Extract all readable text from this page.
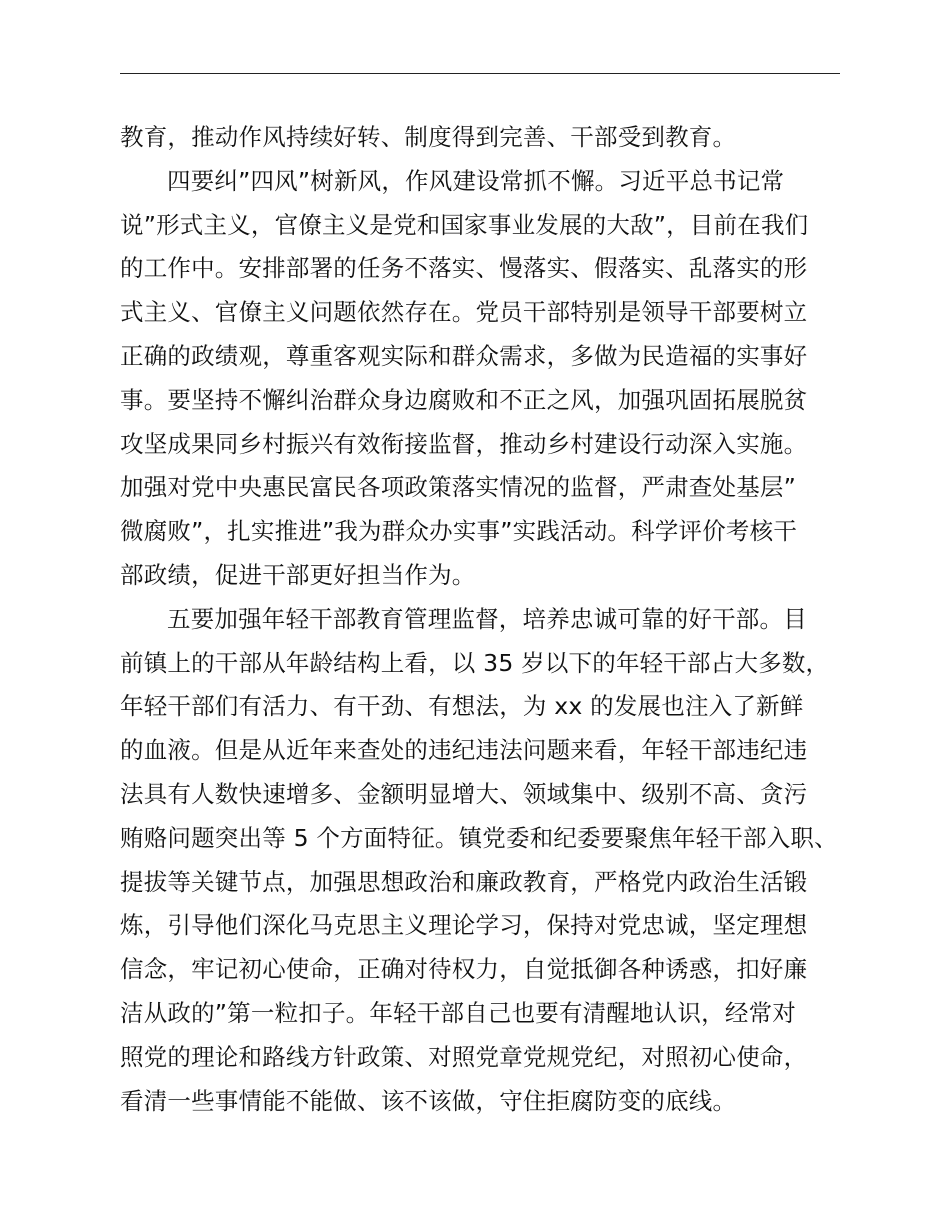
教育，推动作风持续好转、制度得到完善、干部受到教育。
四要纠”四风”树新风，作风建设常抓不懈。习近平总书记常
说”形式主义，官僚主义是党和国家事业发展的大敌”，目前在我们
的工作中。安排部署的任务不落实、慢落实、假落实、乱落实的形
式主义、官僚主义问题依然存在。党员干部特别是领导干部要树立
正确的政绩观，尊重客观实际和群众需求，多做为民造福的实事好
事。要坚持不懈纠治群众身边腐败和不正之风，加强巩固拓展脱贫
攻坚成果同乡村振兴有效衔接监督，推动乡村建设行动深入实施。
加强对党中央惠民富民各项政策落实情况的监督，严肃查处基层”
微腐败”，扎实推进”我为群众办实事”实践活动。科学评价考核干
部政绩，促进干部更好担当作为。
五要加强年轻干部教育管理监督，培养忠诚可靠的好干部。目
前镇上的干部从年龄结构上看，以 35 岁以下的年轻干部占大多数，
年轻干部们有活力、有干劲、有想法，为 xx 的发展也注入了新鲜
的血液。但是从近年来查处的违纪违法问题来看，年轻干部违纪违
法具有人数快速增多、金额明显增大、领域集中、级别不高、贪污
贿赂问题突出等 5 个方面特征。镇党委和纪委要聚焦年轻干部入职、
提拔等关键节点，加强思想政治和廉政教育，严格党内政治生活锻
炼，引导他们深化马克思主义理论学习，保持对党忠诚，坚定理想
信念，牢记初心使命，正确对待权力，自觉抵御各种诱惑，扣好廉
洁从政的”第一粒扣子。年轻干部自己也要有清醒地认识，经常对
照党的理论和路线方针政策、对照党章党规党纪，对照初心使命，
看清一些事情能不能做、该不该做，守住拒腐防变的底线。
